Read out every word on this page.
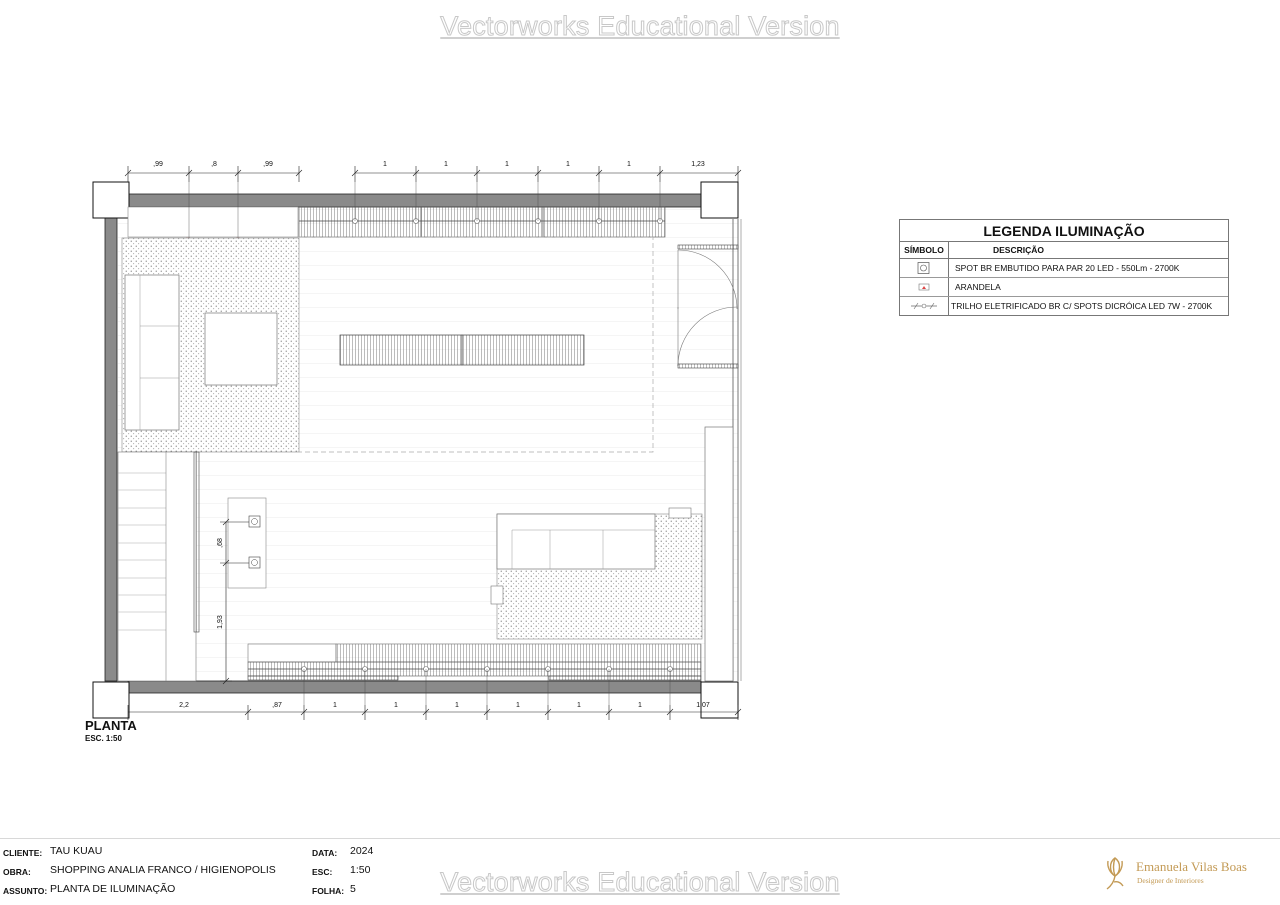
Vectorworks Educational Version
,99	,8	,99	1	1	1	1	1	1,23
2,2	,87	1	1	1	1	1	1	1,07
,68
1,93
LEGENDA ILUMINAÇÃO
SÍMBOLO	DESCRIÇÃO
SPOT BR EMBUTIDO PARA PAR 20 LED - 550Lm - 2700K
ARANDELA
TRILHO ELETRIFICADO BR C/ SPOTS DICRÓICA LED 7W - 2700K
PLANTA
ESC. 1:50
CLIENTE: TAU KUAU
OBRA: SHOPPING ANALIA FRANCO / HIGIENOPOLIS
ASSUNTO: PLANTA DE ILUMINAÇÃO
DATA: 2024
ESC: 1:50
FOLHA: 5	Vectorworks Educational Version
Emanuela Vilas Boas
Designer de Interiores
